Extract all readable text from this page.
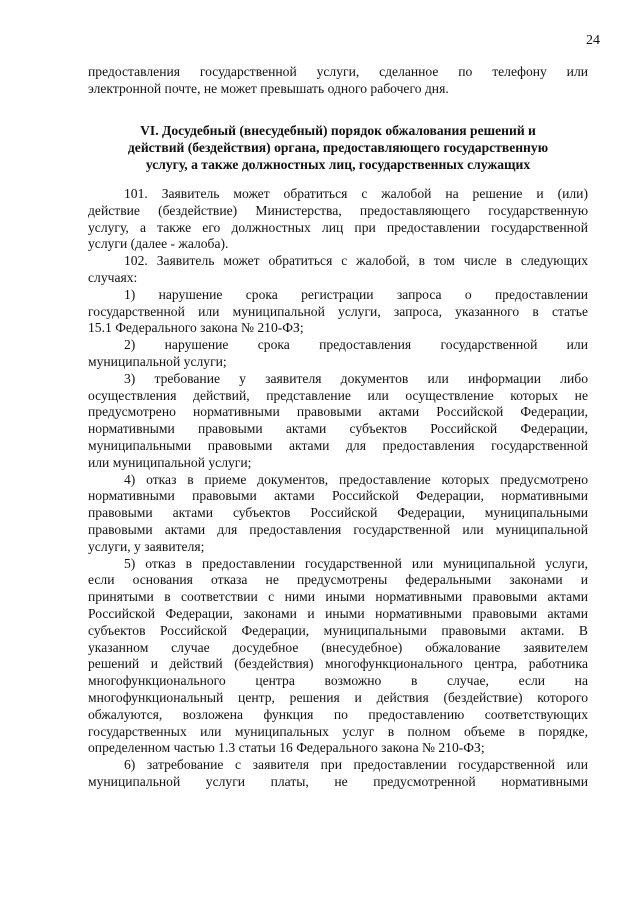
24
предоставления государственной услуги, сделанное по телефону или
электронной почте, не может превышать одного рабочего дня.
VI. Досудебный (внесудебный) порядок обжалования решений и
действий (бездействия) органа, предоставляющего государственную
услугу, а также должностных лиц, государственных служащих
101. Заявитель может обратиться с жалобой на решение и (или)
действие (бездействие) Министерства, предоставляющего государственную
услугу, а также его должностных лиц при предоставлении государственной
услуги (далее - жалоба).
102. Заявитель может обратиться с жалобой, в том числе в следующих
случаях:
1) нарушение срока регистрации запроса о предоставлении
государственной или муниципальной услуги, запроса, указанного в статье
15.1 Федерального закона № 210-ФЗ;
2) нарушение срока предоставления государственной или
муниципальной услуги;
3) требование у заявителя документов или информации либо
осуществления действий, представление или осуществление которых не
предусмотрено нормативными правовыми актами Российской Федерации,
нормативными правовыми актами субъектов Российской Федерации,
муниципальными правовыми актами для предоставления государственной
или муниципальной услуги;
4) отказ в приеме документов, предоставление которых предусмотрено
нормативными правовыми актами Российской Федерации, нормативными
правовыми актами субъектов Российской Федерации, муниципальными
правовыми актами для предоставления государственной или муниципальной
услуги, у заявителя;
5) отказ в предоставлении государственной или муниципальной услуги,
если основания отказа не предусмотрены федеральными законами и
принятыми в соответствии с ними иными нормативными правовыми актами
Российской Федерации, законами и иными нормативными правовыми актами
субъектов Российской Федерации, муниципальными правовыми актами. В
указанном случае досудебное (внесудебное) обжалование заявителем
решений и действий (бездействия) многофункционального центра, работника
многофункционального центра возможно в случае, если на
многофункциональный центр, решения и действия (бездействие) которого
обжалуются, возложена функция по предоставлению соответствующих
государственных или муниципальных услуг в полном объеме в порядке,
определенном частью 1.3 статьи 16 Федерального закона № 210-ФЗ;
6) затребование с заявителя при предоставлении государственной или
муниципальной услуги платы, не предусмотренной нормативными
